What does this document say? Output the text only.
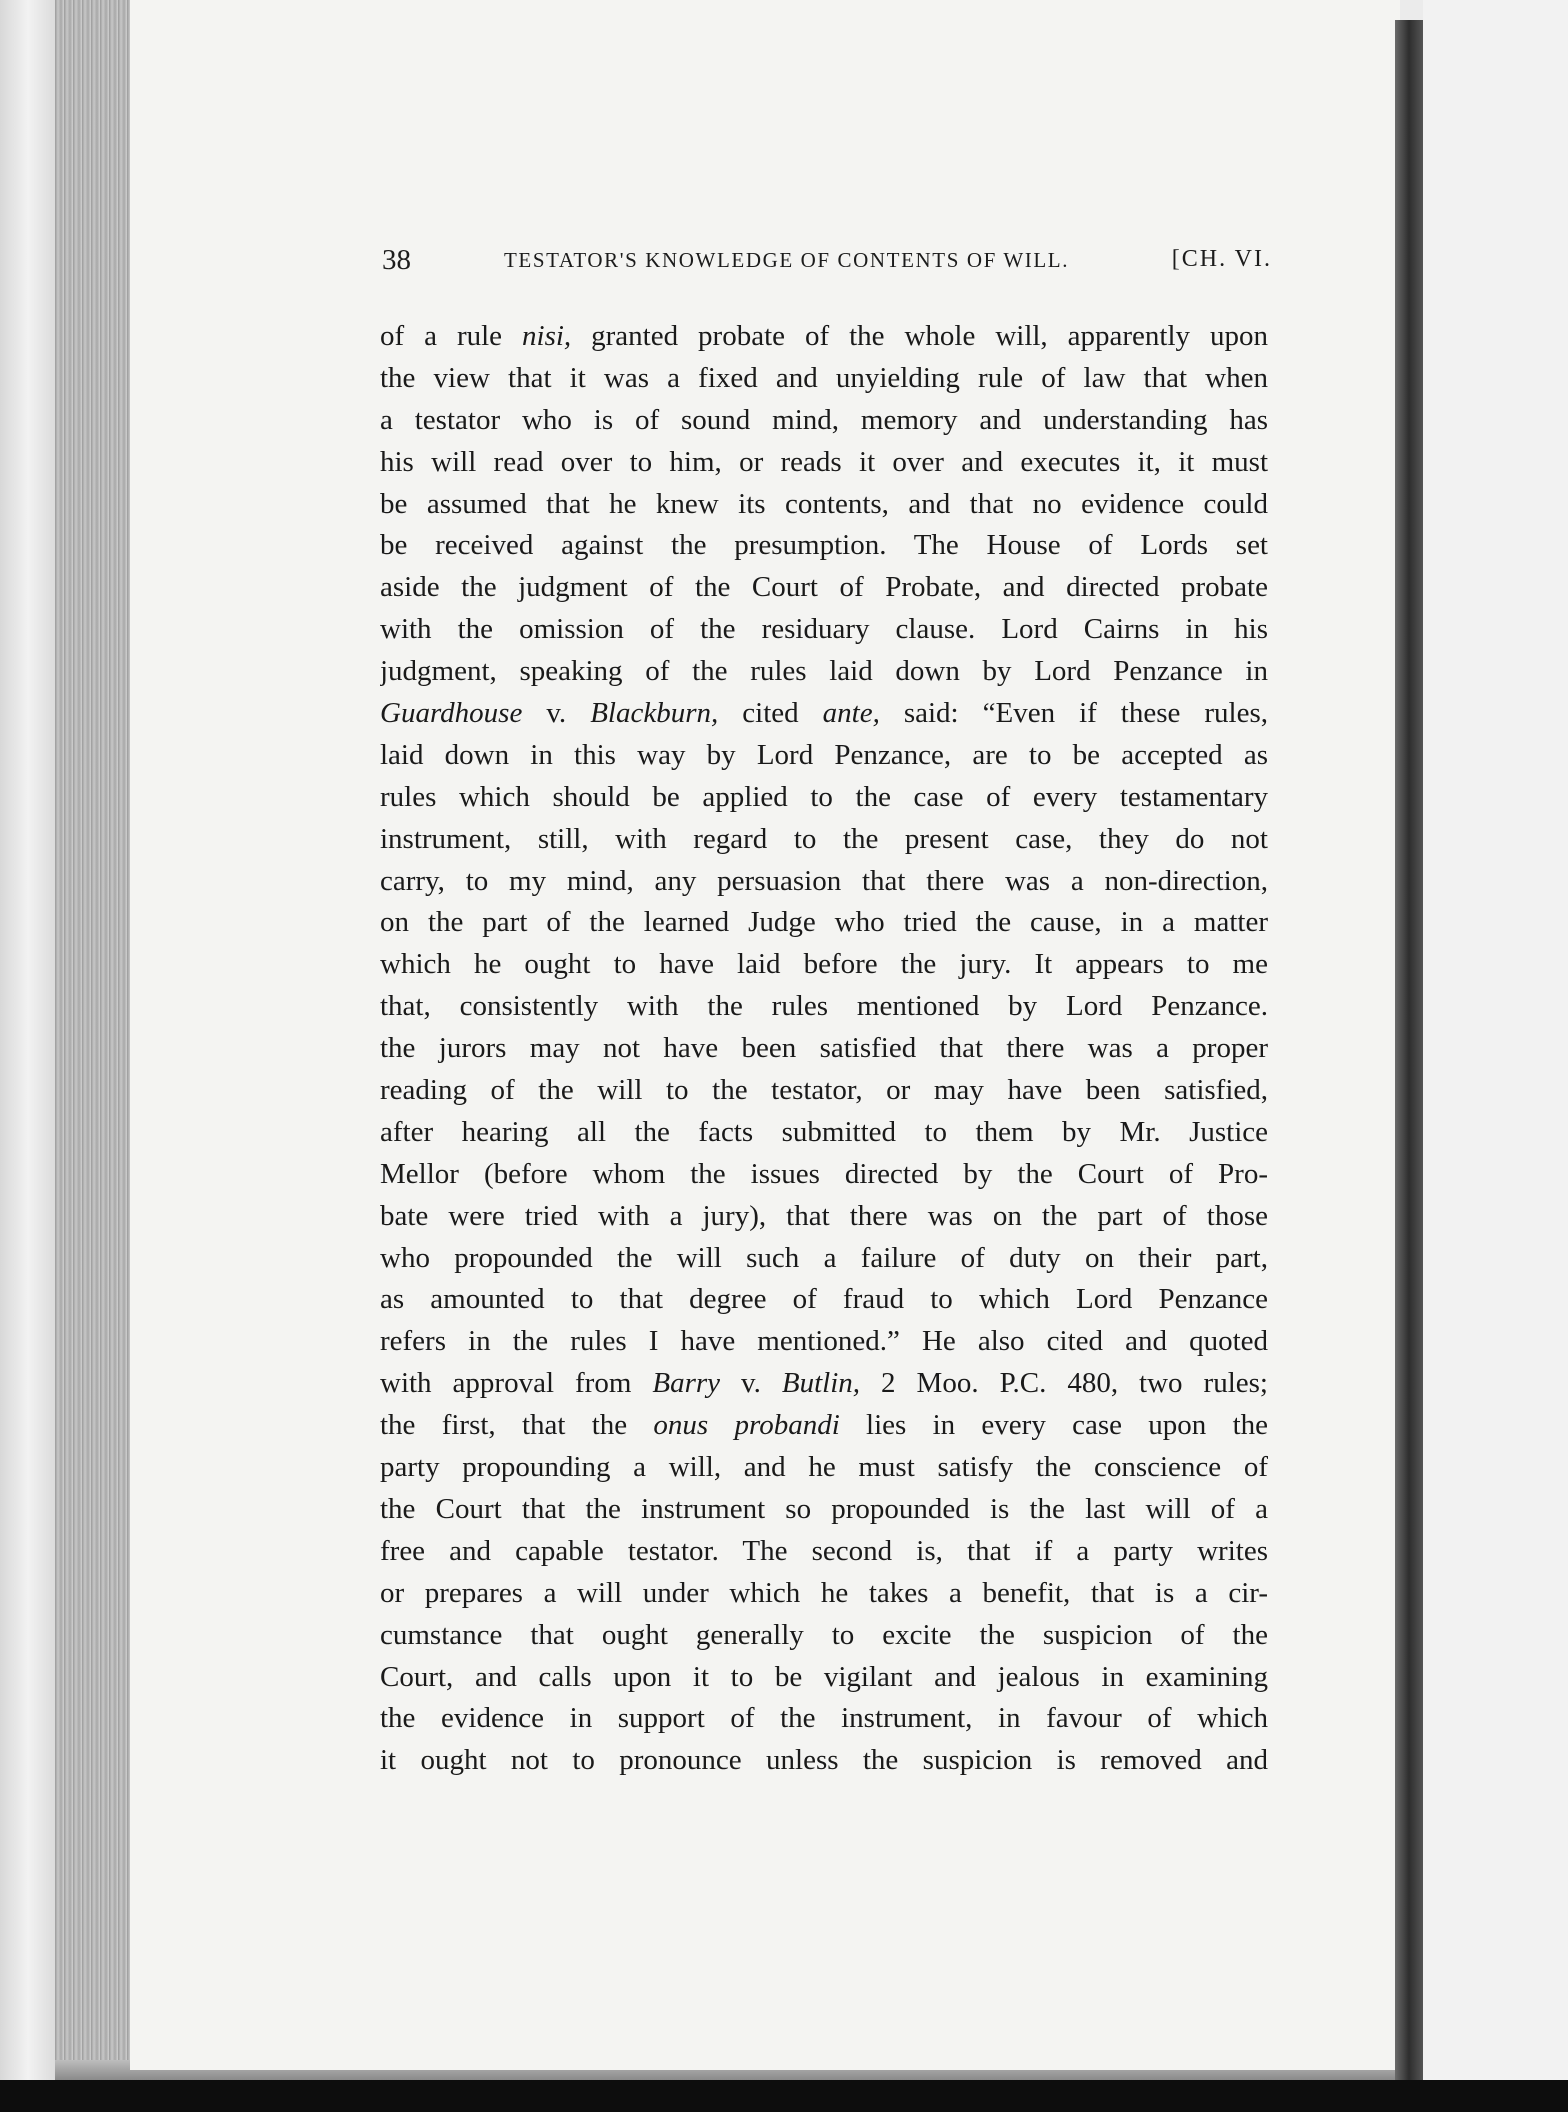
38	TESTATOR'S KNOWLEDGE OF CONTENTS OF WILL.	[CH. VI.
of a rule nisi, granted probate of the whole will, apparently upon
the view that it was a fixed and unyielding rule of law that when
a testator who is of sound mind, memory and understanding has
his will read over to him, or reads it over and executes it, it must
be assumed that he knew its contents, and that no evidence could
be received against the presumption. The House of Lords set
aside the judgment of the Court of Probate, and directed probate
with the omission of the residuary clause. Lord Cairns in his
judgment, speaking of the rules laid down by Lord Penzance in
Guardhouse v. Blackburn, cited ante, said: “Even if these rules,
laid down in this way by Lord Penzance, are to be accepted as
rules which should be applied to the case of every testamentary
instrument, still, with regard to the present case, they do not
carry, to my mind, any persuasion that there was a non-direction,
on the part of the learned Judge who tried the cause, in a matter
which he ought to have laid before the jury. It appears to me
that, consistently with the rules mentioned by Lord Penzance.
the jurors may not have been satisfied that there was a proper
reading of the will to the testator, or may have been satisfied,
after hearing all the facts submitted to them by Mr. Justice
Mellor (before whom the issues directed by the Court of Pro-
bate were tried with a jury), that there was on the part of those
who propounded the will such a failure of duty on their part,
as amounted to that degree of fraud to which Lord Penzance
refers in the rules I have mentioned.” He also cited and quoted
with approval from Barry v. Butlin, 2 Moo. P.C. 480, two rules;
the first, that the onus probandi lies in every case upon the
party propounding a will, and he must satisfy the conscience of
the Court that the instrument so propounded is the last will of a
free and capable testator. The second is, that if a party writes
or prepares a will under which he takes a benefit, that is a cir-
cumstance that ought generally to excite the suspicion of the
Court, and calls upon it to be vigilant and jealous in examining
the evidence in support of the instrument, in favour of which
it ought not to pronounce unless the suspicion is removed and
